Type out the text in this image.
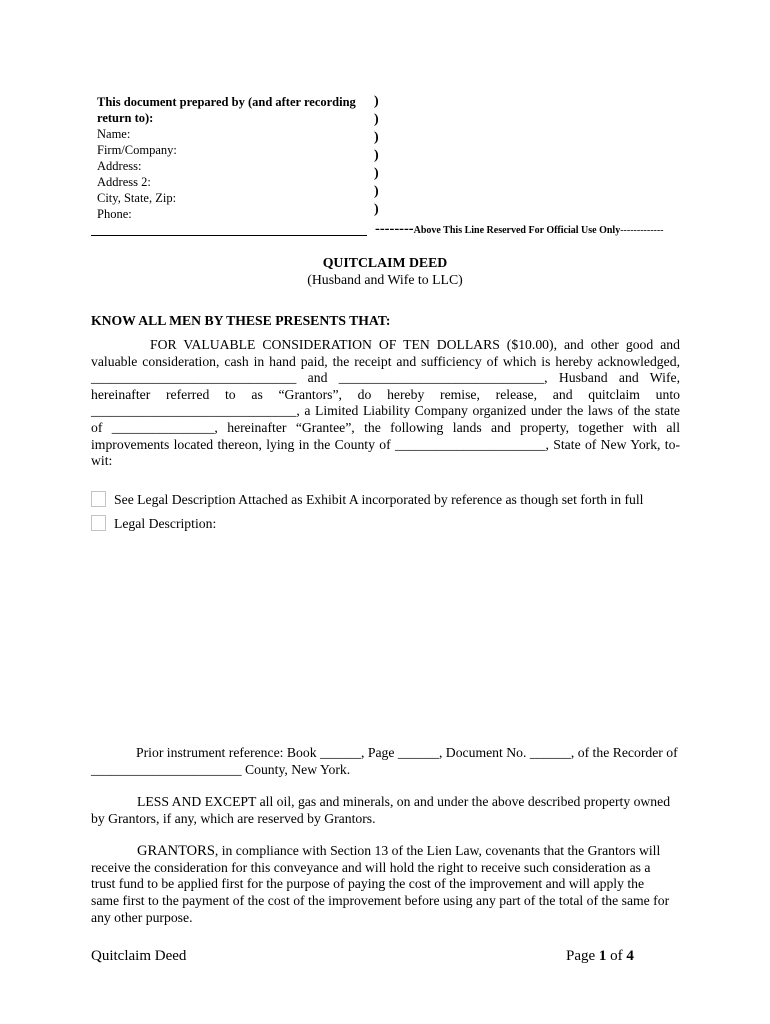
This document prepared by (and after recording
return to):
Name:
Firm/Company:
Address:
Address 2:
City, State, Zip:
Phone:
)
)
)
)
)
)
)
--------Above This Line Reserved For Official Use Only-------------
QUITCLAIM DEED
(Husband and Wife to LLC)
KNOW ALL MEN BY THESE PRESENTS THAT:
FOR VALUABLE CONSIDERATION OF TEN DOLLARS ($10.00), and other good and
valuable consideration, cash in hand paid, the receipt and sufficiency of which is hereby acknowledged,
______________________________ and ______________________________, Husband and Wife,
hereinafter referred to as “Grantors”, do hereby remise, release, and quitclaim unto
______________________________, a Limited Liability Company organized under the laws of the state
of _______________, hereinafter “Grantee”, the following lands and property, together with all
improvements located thereon, lying in the County of ______________________, State of New York, to-
wit:
See Legal Description Attached as Exhibit A incorporated by reference as though set forth in full
Legal Description:
Prior instrument reference: Book ______, Page ______, Document No. ______, of the Recorder of
______________________ County, New York.
LESS AND EXCEPT all oil, gas and minerals, on and under the above described property owned
by Grantors, if any, which are reserved by Grantors.
GRANTORS, in compliance with Section 13 of the Lien Law, covenants that the Grantors will
receive the consideration for this conveyance and will hold the right to receive such consideration as a
trust fund to be applied first for the purpose of paying the cost of the improvement and will apply the
same first to the payment of the cost of the improvement before using any part of the total of the same for
any other purpose.
Quitclaim Deed	Page 1 of 4
